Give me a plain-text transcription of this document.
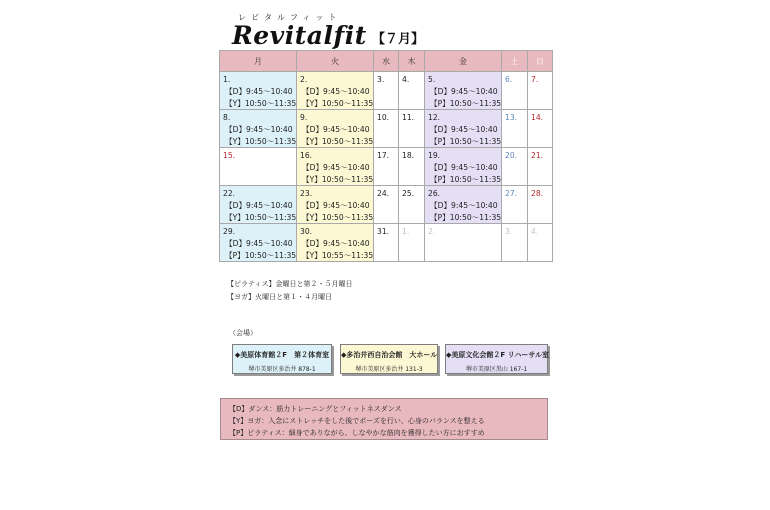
レビタルフィット
Revitalfit 【７月】
月	火	水	木	金	土	日

1.
【D】9:45～10:40
【Y】10:50～11:35	2.
【D】9:45～10:40
【Y】10:50～11:35	3.	4.	5.
【D】9:45～10:40
【P】10:50～11:35	6.	7.

8.
【D】9:45～10:40
【Y】10:50～11:35	9.
【D】9:45～10:40
【Y】10:50～11:35	10.	11.	12.
【D】9:45～10:40
【P】10:50～11:35	13.	14.

15.	16.
【D】9:45～10:40
【Y】10:50～11:35	17.	18.	19.
【D】9:45～10:40
【P】10:50～11:35	20.	21.

22.
【D】9:45～10:40
【Y】10:50～11:35	23.
【D】9:45～10:40
【Y】10:50～11:35	24.	25.	26.
【D】9:45～10:40
【P】10:50～11:35	27.	28.

29.
【D】9:45～10:40
【P】10:50～11:35	30.
【D】9:45～10:40
【Y】10:55～11:35	31.	1.	2.	3.	4.
【ピラティス】金曜日と第２・５月曜日
【ヨガ】火曜日と第１・４月曜日
（会場）
◆美原体育館２F　第２体育室
堺市美原区多治井 878-1
◆多治井西自治会館　大ホール
堺市美原区多治井 131-3
◆美原文化会館２F リハーサル室
堺市美原区黒山 167-1
【D】ダンス：筋力トレーニングとフィットネスダンス
【Y】ヨガ：入念にストレッチをした後でポーズを行い、心身のバランスを整える
【P】ピラティス：細身でありながら、しなやかな筋肉を獲得したい方におすすめ
